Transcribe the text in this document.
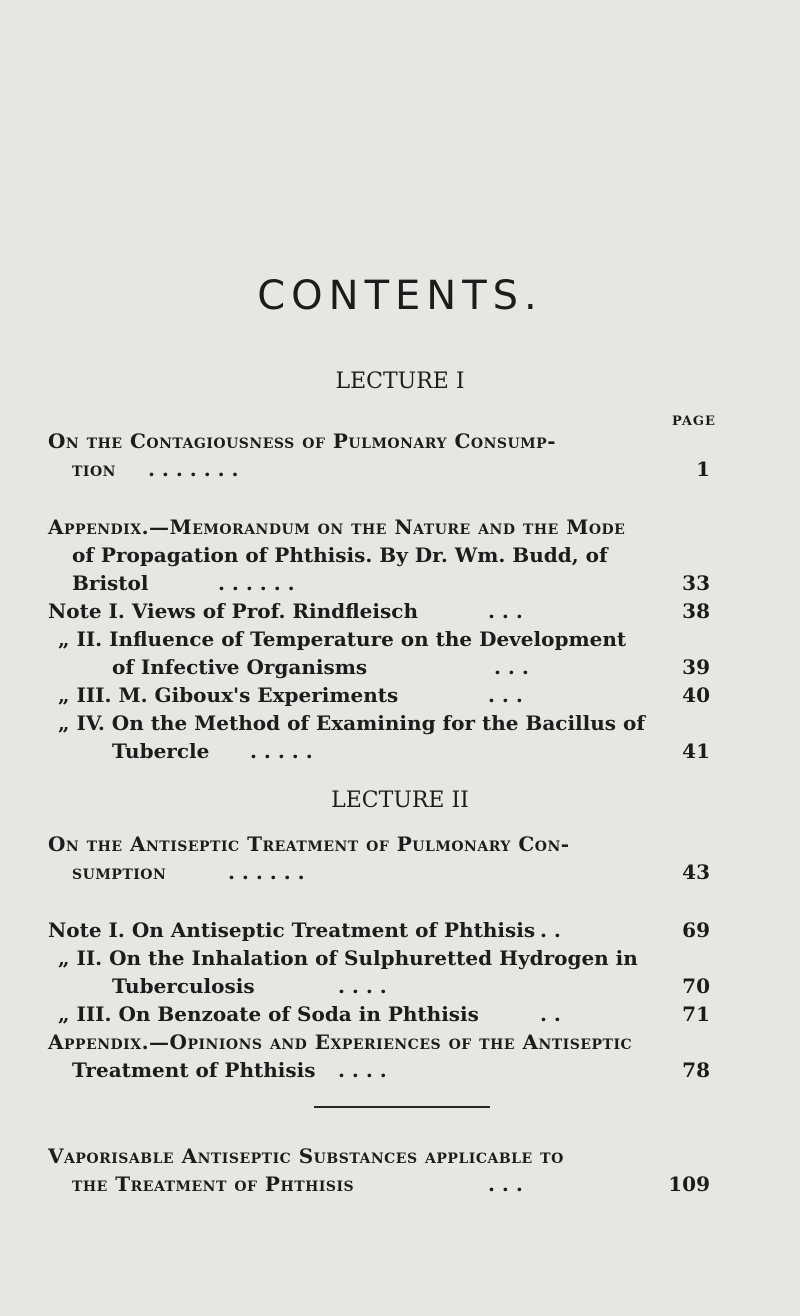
CONTENTS.
LECTURE I
PAGE
On the Contagiousness of Pulmonary Consump-
tion . . . . . . .	1
Appendix.—Memorandum on the Nature and the Mode
of Propagation of Phthisis. By Dr. Wm. Budd, of
Bristol	. . . . . .	33
Note I. Views of Prof. Rindfleisch	. . .	38
„ II. Influence of Temperature on the Development
of Infective Organisms	. . .	39
„ III. M. Giboux's Experiments	. . .	40
„ IV. On the Method of Examining for the Bacillus of
Tubercle . . . . .	41
LECTURE II
On the Antiseptic Treatment of Pulmonary Con-
sumption	. . . . . .	43
Note I. On Antiseptic Treatment of Phthisis . .	69
„ II. On the Inhalation of Sulphuretted Hydrogen in
Tuberculosis	. . . .	70
„ III. On Benzoate of Soda in Phthisis	. .	71
Appendix.—Opinions and Experiences of the Antiseptic
Treatment of Phthisis . . . .	78
Vaporisable Antiseptic Substances applicable to
the Treatment of Phthisis	. . .	109
